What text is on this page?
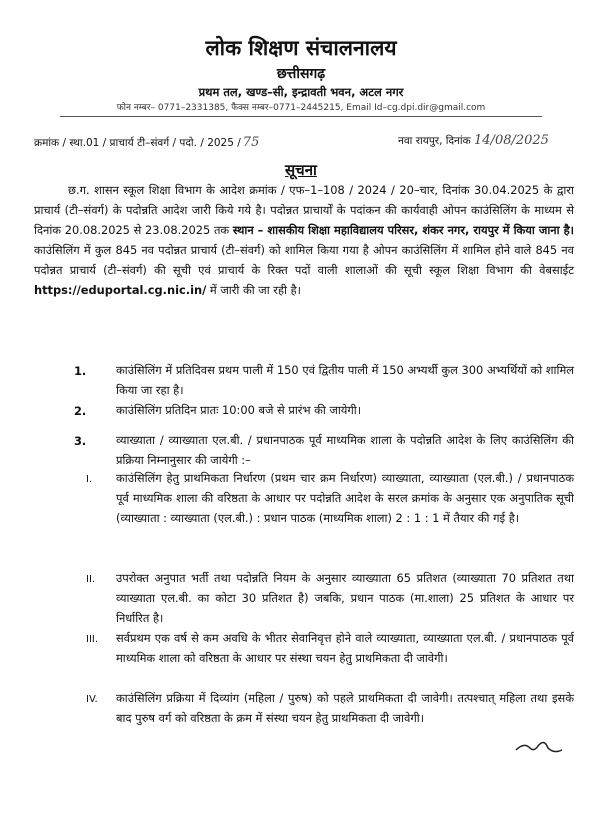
लोक शिक्षण संचालनालय
छत्तीसगढ़
प्रथम तल, खण्ड–सी, इन्द्रावती भवन, अटल नगर
फोन नम्बर– 0771–2331385, फैक्स नम्बर–0771–2445215, Email Id–cg.dpi.dir@gmail.com
क्रमांक / स्था.01 / प्राचार्य टी–संवर्ग / पदो. / 2025 / 75	नवा रायपुर, दिनांक 14/08/2025
सूचना

छ.ग. शासन स्कूल शिक्षा विभाग के आदेश क्रमांक / एफ–1–108 / 2024 / 20–चार, दिनांक 30.04.2025 के द्वारा प्राचार्य (टी–संवर्ग) के पदोन्नति आदेश जारी किये गये है। पदोन्नत प्राचार्यों के पदांकन की कार्यवाही ओपन काउंसिलिंग के माध्यम से दिनांक 20.08.2025 से 23.08.2025 तक स्थान – शासकीय शिक्षा महाविद्यालय परिसर, शंकर नगर, रायपुर में किया जाना है। काउंसिलिंग में कुल 845 नव पदोन्नत प्राचार्य (टी–संवर्ग) को शामिल किया गया है ओपन काउंसिलिंग में शामिल होने वाले 845 नव पदोन्नत प्राचार्य (टी–संवर्ग) की सूची एवं प्राचार्य के रिक्त पदों वाली शालाओं की सूची स्कूल शिक्षा विभाग की वेबसाईट https://eduportal.cg.nic.in/ में जारी की जा रही है।

1.	काउंसिलिंग में प्रतिदिवस प्रथम पाली में 150 एवं द्वितीय पाली में 150 अभ्यर्थी कुल 300 अभ्यर्थियों को शामिल किया जा रहा है।

2.	काउंसिलिंग प्रतिदिन प्रातः 10:00 बजे से प्रारंभ की जायेगी।

3.	व्याख्याता / व्याख्याता एल.बी. / प्रधानपाठक पूर्व माध्यमिक शाला के पदोन्नति आदेश के लिए काउंसिलिंग की प्रक्रिया निम्नानुसार की जायेगी :–

I. काउंसिलिंग हेतु प्राथमिकता निर्धारण (प्रथम चार क्रम निर्धारण) व्याख्याता, व्याख्याता (एल.बी.) / प्रधानपाठक पूर्व माध्यमिक शाला की वरिष्ठता के आधार पर पदोन्नति आदेश के सरल क्रमांक के अनुसार एक अनुपातिक सूची (व्याख्याता : व्याख्याता (एल.बी.) : प्रधान पाठक (माध्यमिक शाला) 2 : 1 : 1 में तैयार की गई है।

II. उपरोक्त अनुपात भर्ती तथा पदोन्नति नियम के अनुसार व्याख्याता 65 प्रतिशत (व्याख्याता 70 प्रतिशत तथा व्याख्याता एल.बी. का कोटा 30 प्रतिशत है) जबकि, प्रधान पाठक (मा.शाला) 25 प्रतिशत के आधार पर निर्धारित है।

III. सर्वप्रथम एक वर्ष से कम अवधि के भीतर सेवानिवृत्त होने वाले व्याख्याता, व्याख्याता एल.बी. / प्रधानपाठक पूर्व माध्यमिक शाला को वरिष्ठता के आधार पर संस्था चयन हेतु प्राथमिकता दी जावेगी।

IV. काउंसिलिंग प्रक्रिया में दिव्यांग (महिला / पुरुष) को पहले प्राथमिकता दी जावेगी। तत्पश्चात् महिला तथा इसके बाद पुरुष वर्ग को वरिष्ठता के क्रम में संस्था चयन हेतु प्राथमिकता दी जावेगी।
